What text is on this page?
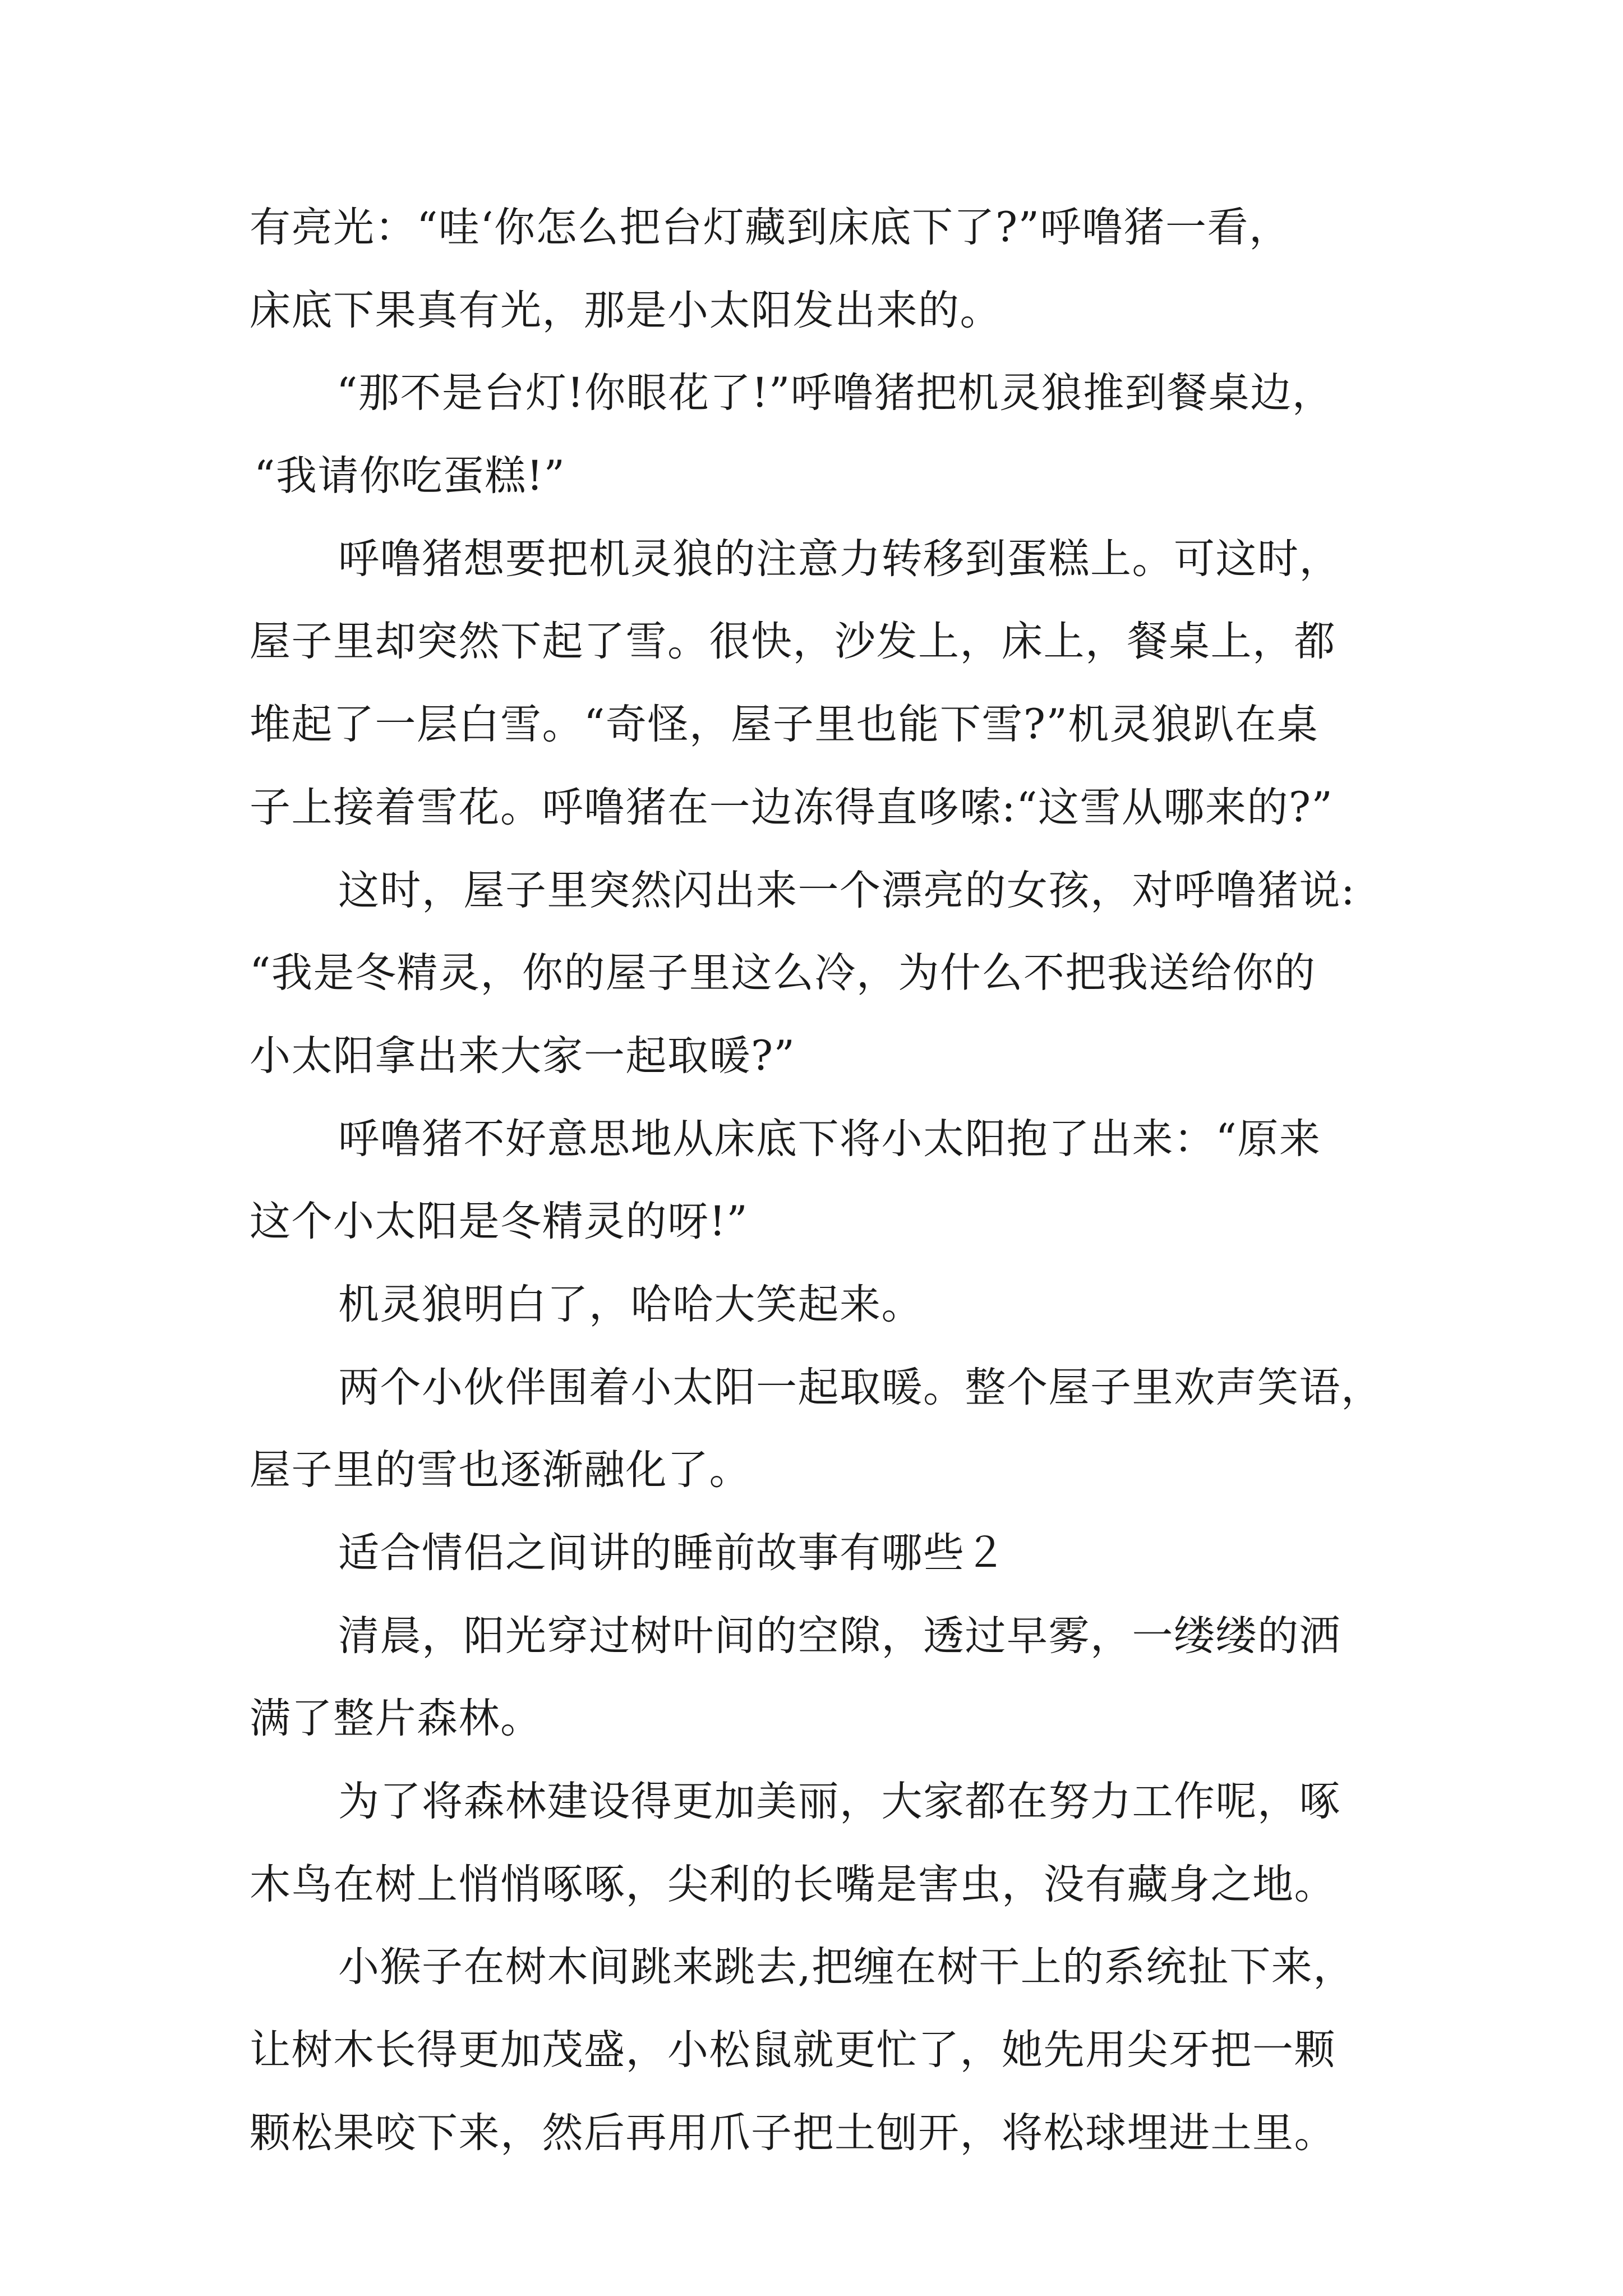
有亮光：“哇‘你怎么把台灯藏到床底下了?”呼噜猪一看，
床底下果真有光，那是小太阳发出来的。
“那不是台灯!你眼花了!”呼噜猪把机灵狼推到餐桌边，
“我请你吃蛋糕!”
呼噜猪想要把机灵狼的注意力转移到蛋糕上。可这时，
屋子里却突然下起了雪。很快，沙发上，床上，餐桌上，都
堆起了一层白雪。“奇怪，屋子里也能下雪?”机灵狼趴在桌
子上接着雪花。呼噜猪在一边冻得直哆嗦:“这雪从哪来的?”
这时，屋子里突然闪出来一个漂亮的女孩，对呼噜猪说:
“我是冬精灵，你的屋子里这么冷，为什么不把我送给你的
小太阳拿出来大家一起取暖?”
呼噜猪不好意思地从床底下将小太阳抱了出来：“原来
这个小太阳是冬精灵的呀!”
机灵狼明白了，哈哈大笑起来。
两个小伙伴围着小太阳一起取暖。整个屋子里欢声笑语，
屋子里的雪也逐渐融化了。
适合情侣之间讲的睡前故事有哪些２
清晨，阳光穿过树叶间的空隙，透过早雾，一缕缕的洒
满了整片森林。
为了将森林建设得更加美丽，大家都在努力工作呢，啄
木鸟在树上悄悄啄啄，尖利的长嘴是害虫，没有藏身之地。
小猴子在树木间跳来跳去,把缠在树干上的系统扯下来，
让树木长得更加茂盛，小松鼠就更忙了，她先用尖牙把一颗
颗松果咬下来，然后再用爪子把土刨开，将松球埋进土里。
